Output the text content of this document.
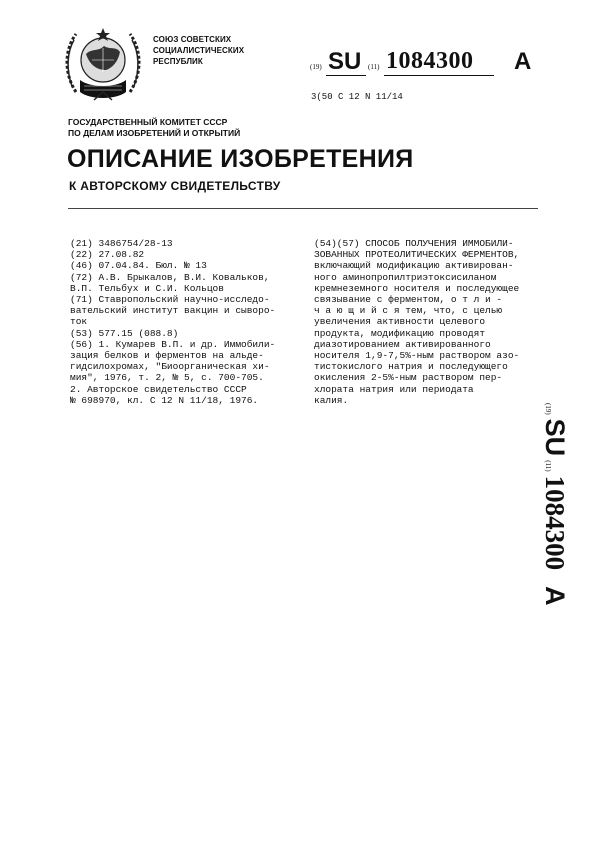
СОЮЗ СОВЕТСКИХ
СОЦИАЛИСТИЧЕСКИХ
РЕСПУБЛИК
(19) SU (11) 1084300 A
3(50 С 12 N 11/14
ГОСУДАРСТВЕННЫЙ КОМИТЕТ СССР
ПО ДЕЛАМ ИЗОБРЕТЕНИЙ И ОТКРЫТИЙ
ОПИСАНИЕ ИЗОБРЕТЕНИЯ
К АВТОРСКОМУ СВИДЕТЕЛЬСТВУ
(21) 3486754/28-13
(22) 27.08.82
(46) 07.04.84. Бюл. № 13
(72) А.В. Брыкалов, В.И. Ковальков,
В.П. Тельбух и С.И. Кольцов
(71) Ставропольский научно-исследо-
вательский институт вакцин и сыворо-
ток
(53) 577.15 (088.8)
(56) 1. Кумарев В.П. и др. Иммобили-
зация белков и ферментов на альде-
гидсилохромах, "Биоорганическая хи-
мия", 1976, т. 2, № 5, с. 700-705.
2. Авторское свидетельство СССР
№ 698970, кл. С 12 N 11/18, 1976.
(54)(57) СПОСОБ ПОЛУЧЕНИЯ ИММОБИЛИ-
ЗОВАННЫХ ПРОТЕОЛИТИЧЕСКИХ ФЕРМЕНТОВ,
включающий модификацию активирован-
ного аминопропилтриэтоксисиланом
кремнеземного носителя и последующее
связывание с ферментом, о т л и -
ч а ю щ и й с я тем, что, с целью
увеличения активности целевого
продукта, модификацию проводят
диазотированием активированного
носителя 1,9-7,5%-ным раствором азо-
тистокислого натрия и последующего
окисления 2-5%-ным раствором пер-
хлората натрия или периодата
калия.
(19) SU (11) 1084300 A
